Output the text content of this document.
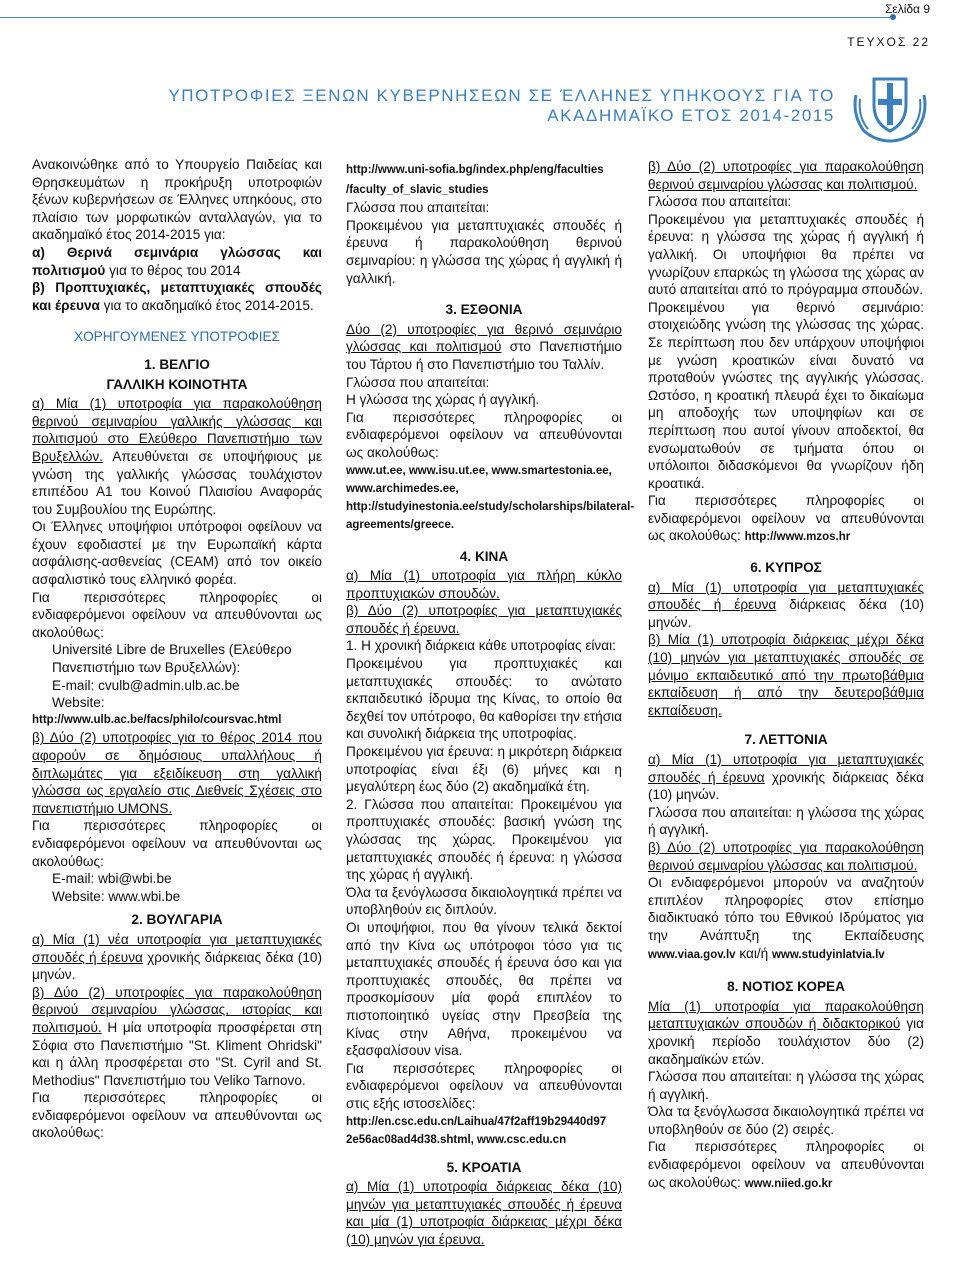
Σελίδα 9
ΤΕΥΧΟΣ 22
ΥΠΟΤΡΟΦΙΕΣ ΞΕΝΩΝ ΚΥΒΕΡΝΗΣΕΩΝ ΣΕ ΈΛΛΗΝΕΣ ΥΠΗΚΟΟΥΣ ΓΙΑ ΤΟ
ΑΚΑΔΗΜΑΪΚΟ ΕΤΟΣ 2014-2015

Ανακοινώθηκε από το Υπουργείο Παιδείας και Θρησκευμάτων η προκήρυξη υποτροφιών ξένων κυβερνήσεων σε Έλληνες υπηκόους, στο πλαίσιο των μορφωτικών ανταλλαγών, για το ακαδημαϊκό έτος 2014-2015 για:

α) Θερινά σεμινάρια γλώσσας και πολιτισμού για το θέρος του 2014

β) Προπτυχιακές, μεταπτυχιακές σπουδές και έρευνα για το ακαδημαϊκό έτος 2014-2015.

ΧΟΡΗΓΟΥΜΕΝΕΣ ΥΠΟΤΡΟΦΙΕΣ

1. ΒΕΛΓΙΟ

ΓΑΛΛΙΚΗ ΚΟΙΝΟΤΗΤΑ

α) Μία (1) υποτροφία για παρακολούθηση θερινού σεμιναρίου γαλλικής γλώσσας και πολιτισμού στο Ελεύθερο Πανεπιστήμιο των Βρυξελλών. Απευθύνεται σε υποψήφιους με γνώση της γαλλικής γλώσσας τουλάχιστον επιπέδου Α1 του Κοινού Πλαισίου Αναφοράς του Συμβουλίου της Ευρώπης.

Οι Έλληνες υποψήφιοι υπότροφοι οφείλουν να έχουν εφοδιαστεί με την Ευρωπαϊκή κάρτα ασφάλισης-ασθενείας (CEAM) από τον οικείο ασφαλιστικό τους ελληνικό φορέα.

Για περισσότερες πληροφορίες οι ενδιαφερόμενοι οφείλουν να απευθύνονται ως ακολούθως:

Université Libre de Bruxelles (Ελεύθερο Πανεπιστήμιο των Βρυξελλών):

E-mail: cvulb@admin.ulb.ac.be

Website:

http://www.ulb.ac.be/facs/philo/coursvac.html

β) Δύο (2) υποτροφίες για το θέρος 2014 που αφορούν σε δημόσιους υπαλλήλους ή διπλωμάτες για εξειδίκευση στη γαλλική γλώσσα ως εργαλείο στις Διεθνείς Σχέσεις στο πανεπιστήμιο UMONS.

Για περισσότερες πληροφορίες οι ενδιαφερόμενοι οφείλουν να απευθύνονται ως ακολούθως:

E-mail: wbi@wbi.be

Website: www.wbi.be

2. ΒΟΥΛΓΑΡΙΑ

α) Μία (1) νέα υποτροφία για μεταπτυχιακές σπουδές ή έρευνα χρονικής διάρκειας δέκα (10) μηνών.

β) Δύο (2) υποτροφίες για παρακολούθηση θερινού σεμιναρίου γλώσσας, ιστορίας και πολιτισμού. Η μία υποτροφία προσφέρεται στη Σόφια στο Πανεπιστήμιο "St. Kliment Ohridski" και η άλλη προσφέρεται στο "St. Cyril and St. Methodius" Πανεπιστήμιο του Veliko Tarnovo.

Για περισσότερες πληροφορίες οι ενδιαφερόμενοι οφείλουν να απευθύνονται ως ακολούθως:

http://www.uni-sofia.bg/index.php/eng/faculties

/faculty_of_slavic_studies

Γλώσσα που απαιτείται:

Προκειμένου για μεταπτυχιακές σπουδές ή έρευνα ή παρακολούθηση θερινού σεμιναρίου: η γλώσσα της χώρας ή αγγλική ή γαλλική.

3. ΕΣΘΟΝΙΑ

Δύο (2) υποτροφίες για θερινό σεμινάριο γλώσσας και πολιτισμού στο Πανεπιστήμιο του Τάρτου ή στο Πανεπιστήμιο του Ταλλίν.

Γλώσσα που απαιτείται:

Η γλώσσα της χώρας ή αγγλική.

Για περισσότερες πληροφορίες οι ενδιαφερόμενοι οφείλουν να απευθύνονται ως ακολούθως:

www.ut.ee, www.isu.ut.ee, www.smartestonia.ee, www.archimedes.ee, http://studyinestonia.ee/study/scholarships/bilateral-agreements/greece.

4. ΚΙΝΑ

α) Μία (1) υποτροφία για πλήρη κύκλο προπτυχιακών σπουδών.

β) Δύο (2) υποτροφίες για μεταπτυχιακές σπουδές ή έρευνα.

1. Η χρονική διάρκεια κάθε υποτροφίας είναι:

Προκειμένου για προπτυχιακές και μεταπτυχιακές σπουδές: το ανώτατο εκπαιδευτικό ίδρυμα της Κίνας, το οποίο θα δεχθεί τον υπότροφο, θα καθορίσει την ετήσια και συνολική διάρκεια της υποτροφίας.

Προκειμένου για έρευνα: η μικρότερη διάρκεια υποτροφίας είναι έξι (6) μήνες και η μεγαλύτερη έως δύο (2) ακαδημαϊκά έτη.

2. Γλώσσα που απαιτείται: Προκειμένου για προπτυχιακές σπουδές: βασική γνώση της γλώσσας της χώρας. Προκειμένου για μεταπτυχιακές σπουδές ή έρευνα: η γλώσσα της χώρας ή αγγλική.

Όλα τα ξενόγλωσσα δικαιολογητικά πρέπει να υποβληθούν εις διπλούν.

Οι υποψήφιοι, που θα γίνουν τελικά δεκτοί από την Κίνα ως υπότροφοι τόσο για τις μεταπτυχιακές σπουδές ή έρευνα όσο και για προπτυχιακές σπουδές, θα πρέπει να προσκομίσουν μία φορά επιπλέον το πιστοποιητικό υγείας στην Πρεσβεία της Κίνας στην Αθήνα, προκειμένου να εξασφαλίσουν visa.

Για περισσότερες πληροφορίες οι ενδιαφερόμενοι οφείλουν να απευθύνονται στις εξής ιστοσελίδες:

http://en.csc.edu.cn/Laihua/47f2aff19b29440d97 2e56ac08ad4d38.shtml, www.csc.edu.cn

5. ΚΡΟΑΤΙΑ

α) Μία (1) υποτροφία διάρκειας δέκα (10) μηνών για μεταπτυχιακές σπουδές ή έρευνα και μία (1) υποτροφία διάρκειας μέχρι δέκα (10) μηνών για έρευνα.

β) Δύο (2) υποτροφίες για παρακολούθηση θερινού σεμιναρίου γλώσσας και πολιτισμού.

Γλώσσα που απαιτείται:

Προκειμένου για μεταπτυχιακές σπουδές ή έρευνα: η γλώσσα της χώρας ή αγγλική ή γαλλική. Οι υποψήφιοι θα πρέπει να γνωρίζουν επαρκώς τη γλώσσα της χώρας αν αυτό απαιτείται από το πρόγραμμα σπουδών.

Προκειμένου για θερινό σεμινάριο: στοιχειώδης γνώση της γλώσσας της χώρας. Σε περίπτωση που δεν υπάρχουν υποψήφιοι με γνώση κροατικών είναι δυνατό να προταθούν γνώστες της αγγλικής γλώσσας. Ωστόσο, η κροατική πλευρά έχει το δικαίωμα μη αποδοχής των υποψηφίων και σε περίπτωση που αυτοί γίνουν αποδεκτοί, θα ενσωματωθούν σε τμήματα όπου οι υπόλοιποι διδασκόμενοι θα γνωρίζουν ήδη κροατικά.

Για περισσότερες πληροφορίες οι ενδιαφερόμενοι οφείλουν να απευθύνονται ως ακολούθως: http://www.mzos.hr

6. ΚΥΠΡΟΣ

α) Μία (1) υποτροφία για μεταπτυχιακές σπουδές ή έρευνα διάρκειας δέκα (10) μηνών.

β) Μία (1) υποτροφία διάρκειας μέχρι δέκα (10) μηνών για μεταπτυχιακές σπουδές σε μόνιμο εκπαιδευτικό από την πρωτοβάθμια εκπαίδευση ή από την δευτεροβάθμια εκπαίδευση.

7. ΛΕΤΤΟΝΙΑ

α) Μία (1) υποτροφία για μεταπτυχιακές σπουδές ή έρευνα χρονικής διάρκειας δέκα (10) μηνών.

Γλώσσα που απαιτείται: η γλώσσα της χώρας ή αγγλική.

β) Δύο (2) υποτροφίες για παρακολούθηση θερινού σεμιναρίου γλώσσας και πολιτισμού.

Οι ενδιαφερόμενοι μπορούν να αναζητούν επιπλέον πληροφορίες στον επίσημο διαδικτυακό τόπο του Εθνικού Ιδρύματος για την Ανάπτυξη της Εκπαίδευσης www.viaa.gov.lv και/ή www.studyinlatvia.lv

8. ΝΟΤΙΟΣ ΚΟΡΕΑ

Μία (1) υποτροφία για παρακολούθηση μεταπτυχιακών σπουδών ή διδακτορικού για χρονική περίοδο τουλάχιστον δύο (2) ακαδημαϊκών ετών.

Γλώσσα που απαιτείται: η γλώσσα της χώρας ή αγγλική.

Όλα τα ξενόγλωσσα δικαιολογητικά πρέπει να υποβληθούν σε δύο (2) σειρές.

Για περισσότερες πληροφορίες οι ενδιαφερόμενοι οφείλουν να απευθύνονται ως ακολούθως: www.niied.go.kr
